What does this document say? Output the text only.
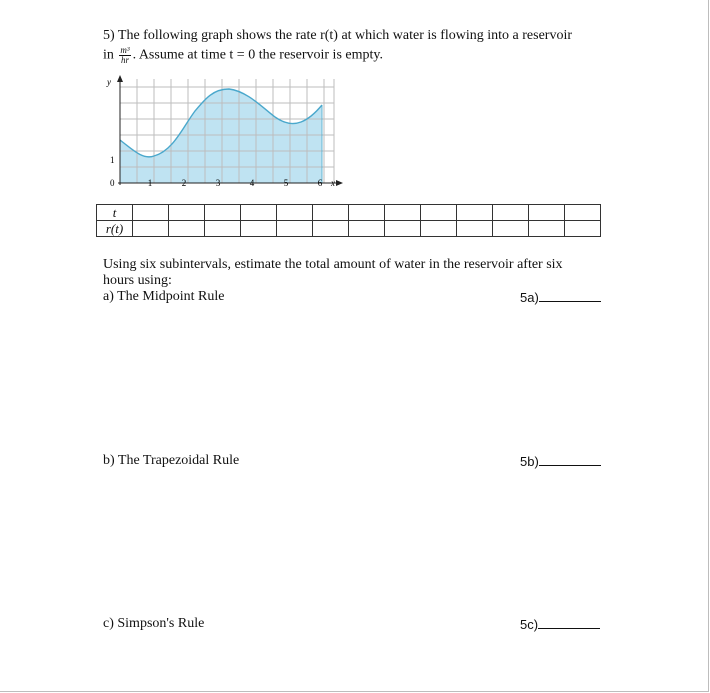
5) The following graph shows the rate r(t) at which water is flowing into a reservoir
in $\frac{\text{m³}}{hr}$ . Assume at time t = 0 the reservoir is empty.
y
x
0
1
1	2	3	4	5	6
t													
r(t)													
Using six subintervals, estimate the total amount of water in the reservoir after six
hours using:
a) The Midpoint Rule	5a)
b) The Trapezoidal Rule	5b)
c) Simpson's Rule	5c)
